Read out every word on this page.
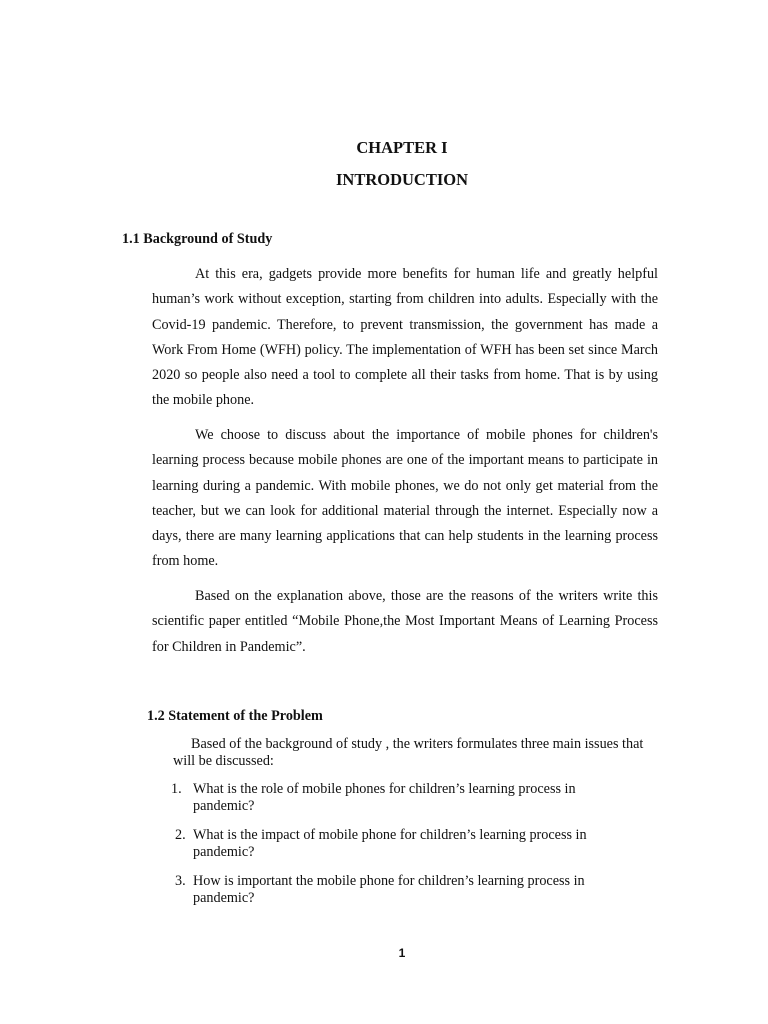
CHAPTER I
INTRODUCTION
1.1 Background of Study

At this era, gadgets provide more benefits for human life and greatly helpful human’s work without exception, starting from children into adults. Especially with the Covid-19 pandemic. Therefore, to prevent transmission, the government has made a Work From Home (WFH) policy. The implementation of WFH has been set since March 2020 so people also need a tool to complete all their tasks from home. That is by using the mobile phone.

We choose to discuss about the importance of mobile phones for children's learning process because mobile phones are one of the important means to participate in learning during a pandemic. With mobile phones, we do not only get material from the teacher, but we can look for additional material through the internet. Especially now a days, there are many learning applications that can help students in the learning process from home.

Based on the explanation above, those are the reasons of the writers write this scientific paper entitled “Mobile Phone,the Most Important Means of Learning Process for Children in Pandemic”.

1.2 Statement of the Problem

Based of the background of study , the writers formulates three main issues that will be discussed:

1. What is the role of mobile phones for children’s learning process in pandemic?
2. What is the impact of mobile phone for children’s learning process in pandemic?
3. How is important the mobile phone for children’s learning process in pandemic?
1
